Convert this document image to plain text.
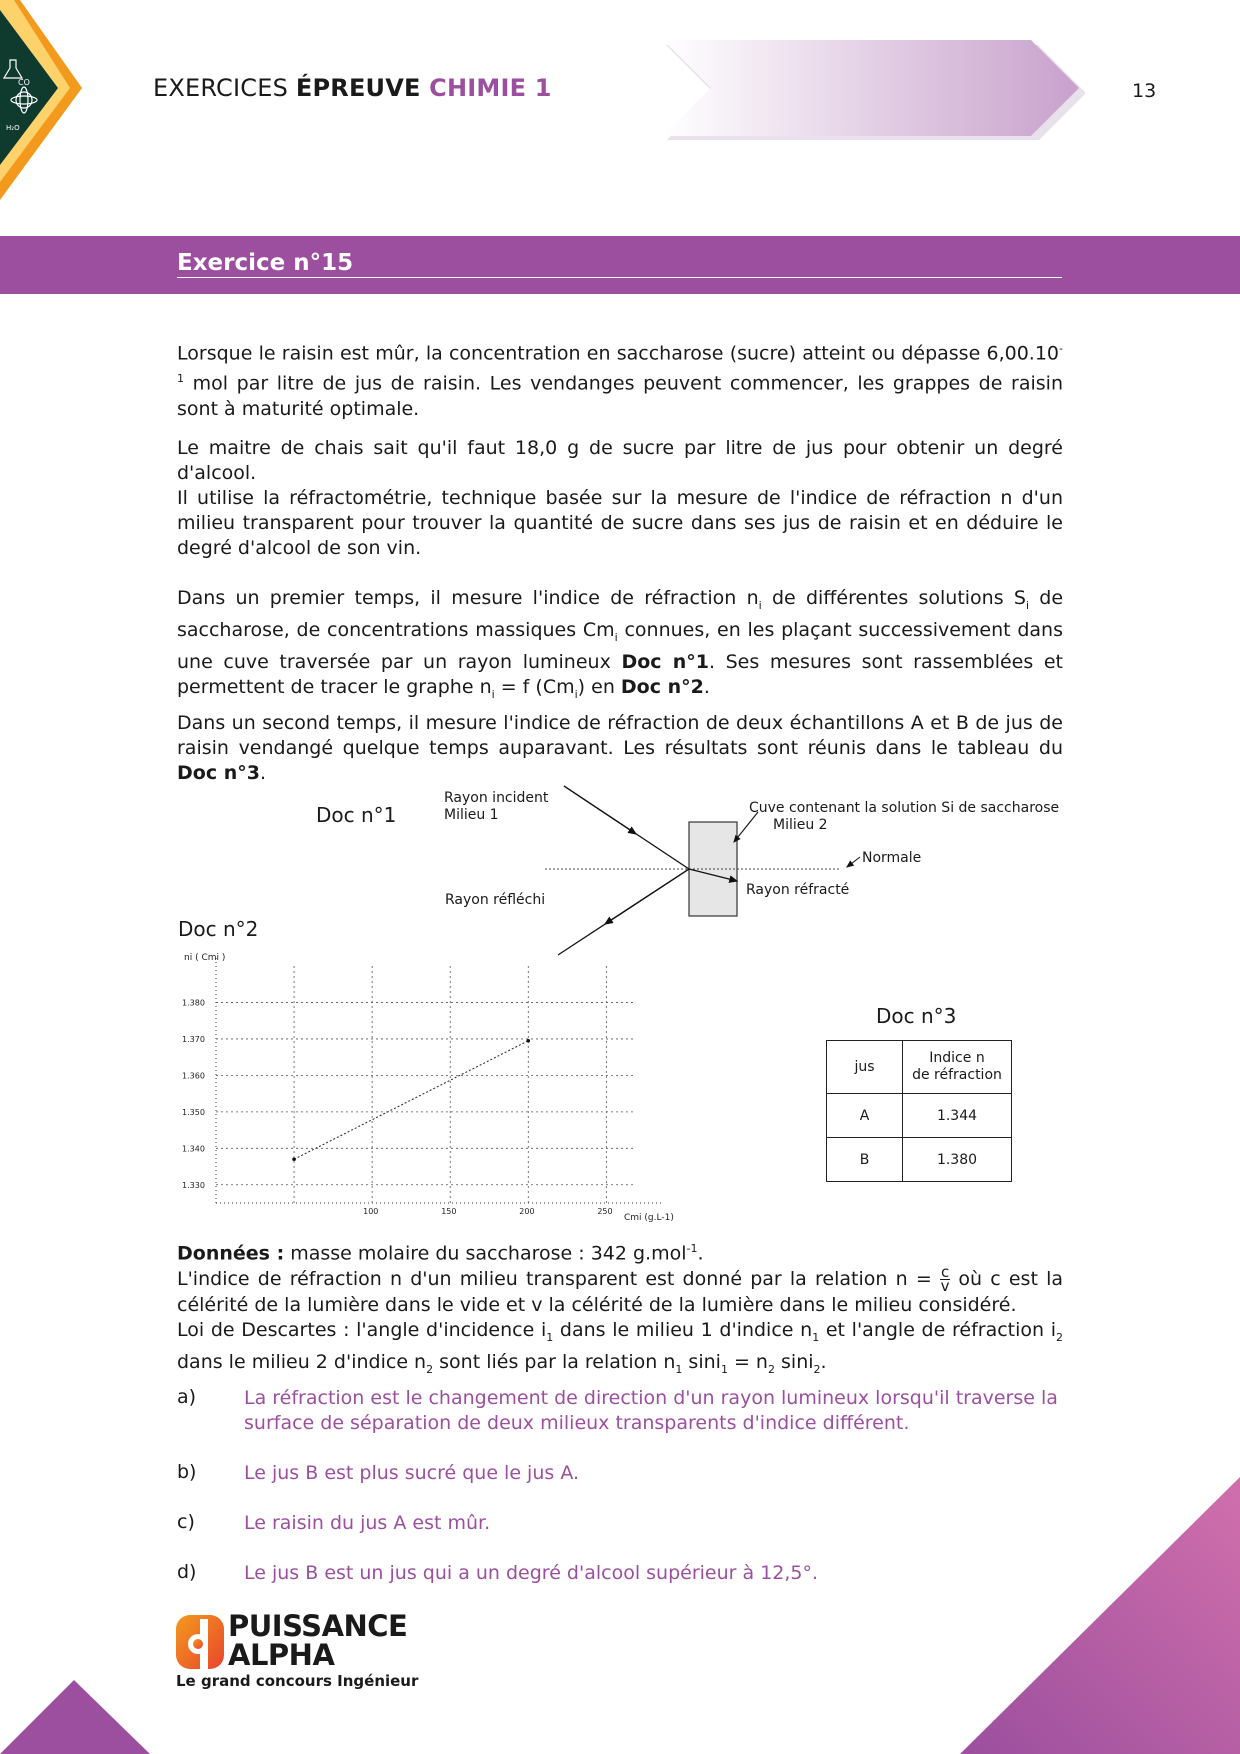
CO
H₂O
EXERCICES ÉPREUVE CHIMIE 1	13
Exercice n°15
Lorsque le raisin est mûr, la concentration en saccharose (sucre) atteint ou dépasse $6,00.10^{-1}$ mol par litre de jus de raisin. Les vendanges peuvent commencer, les grappes de raisin sont à maturité optimale.
Le maitre de chais sait qu'il faut 18,0 g de sucre par litre de jus pour obtenir un degré d'alcool.
Il utilise la réfractométrie, technique basée sur la mesure de l'indice de réfraction n d'un milieu transparent pour trouver la quantité de sucre dans ses jus de raisin et en déduire le degré d'alcool de son vin.
Dans un premier temps, il mesure l'indice de réfraction $n_i$ de différentes solutions $S_i$ de saccharose, de concentrations massiques $Cm_i$ connues, en les plaçant successivement dans une cuve traversée par un rayon lumineux Doc n°1. Ses mesures sont rassemblées et permettent de tracer le graphe $n_i = f$ $(Cm_i)$ en Doc n°2.
Dans un second temps, il mesure l'indice de réfraction de deux échantillons A et B de jus de raisin vendangé quelque temps auparavant. Les résultats sont réunis dans le tableau du Doc n°3.
Doc n°1
Rayon incident
Milieu 1	Cuve contenant la solution Si de saccharose
Milieu 2
Normale
Rayon réfléchi
Rayon réfracté
Doc n°2
ni ( Cmi )
Cmi (g.L-1)
1.330
1.340
1.350
1.360
1.370
1.380
100	150	200	250
Doc n°3
jus	Indice n
de réfraction
A	1.344
B	1.380
Données : masse molaire du saccharose : 342 g.mol$^{-1}$.
L'indice de réfraction n d'un milieu transparent est donné par la relation $n = \frac{c}{v}$ où c est la célérité de la lumière dans le vide et v la célérité de la lumière dans le milieu considéré.
Loi de Descartes : l'angle d'incidence $i_1$ dans le milieu 1 d'indice $n_1$ et l'angle de réfraction $i_2$ dans le milieu 2 d'indice $n_2$ sont liés par la relation $n_1$ $\sin i_1 = n_2$ sini$_2$.
a)	La réfraction est le changement de direction d'un rayon lumineux lorsqu'il traverse la surface de séparation de deux milieux transparents d'indice différent.
b)	Le jus B est plus sucré que le jus A.
c)	Le raisin du jus A est mûr.
d)	Le jus B est un jus qui a un degré d'alcool supérieur à 12,5°.
PUISSANCE
ALPHA
Le grand concours Ingénieur
